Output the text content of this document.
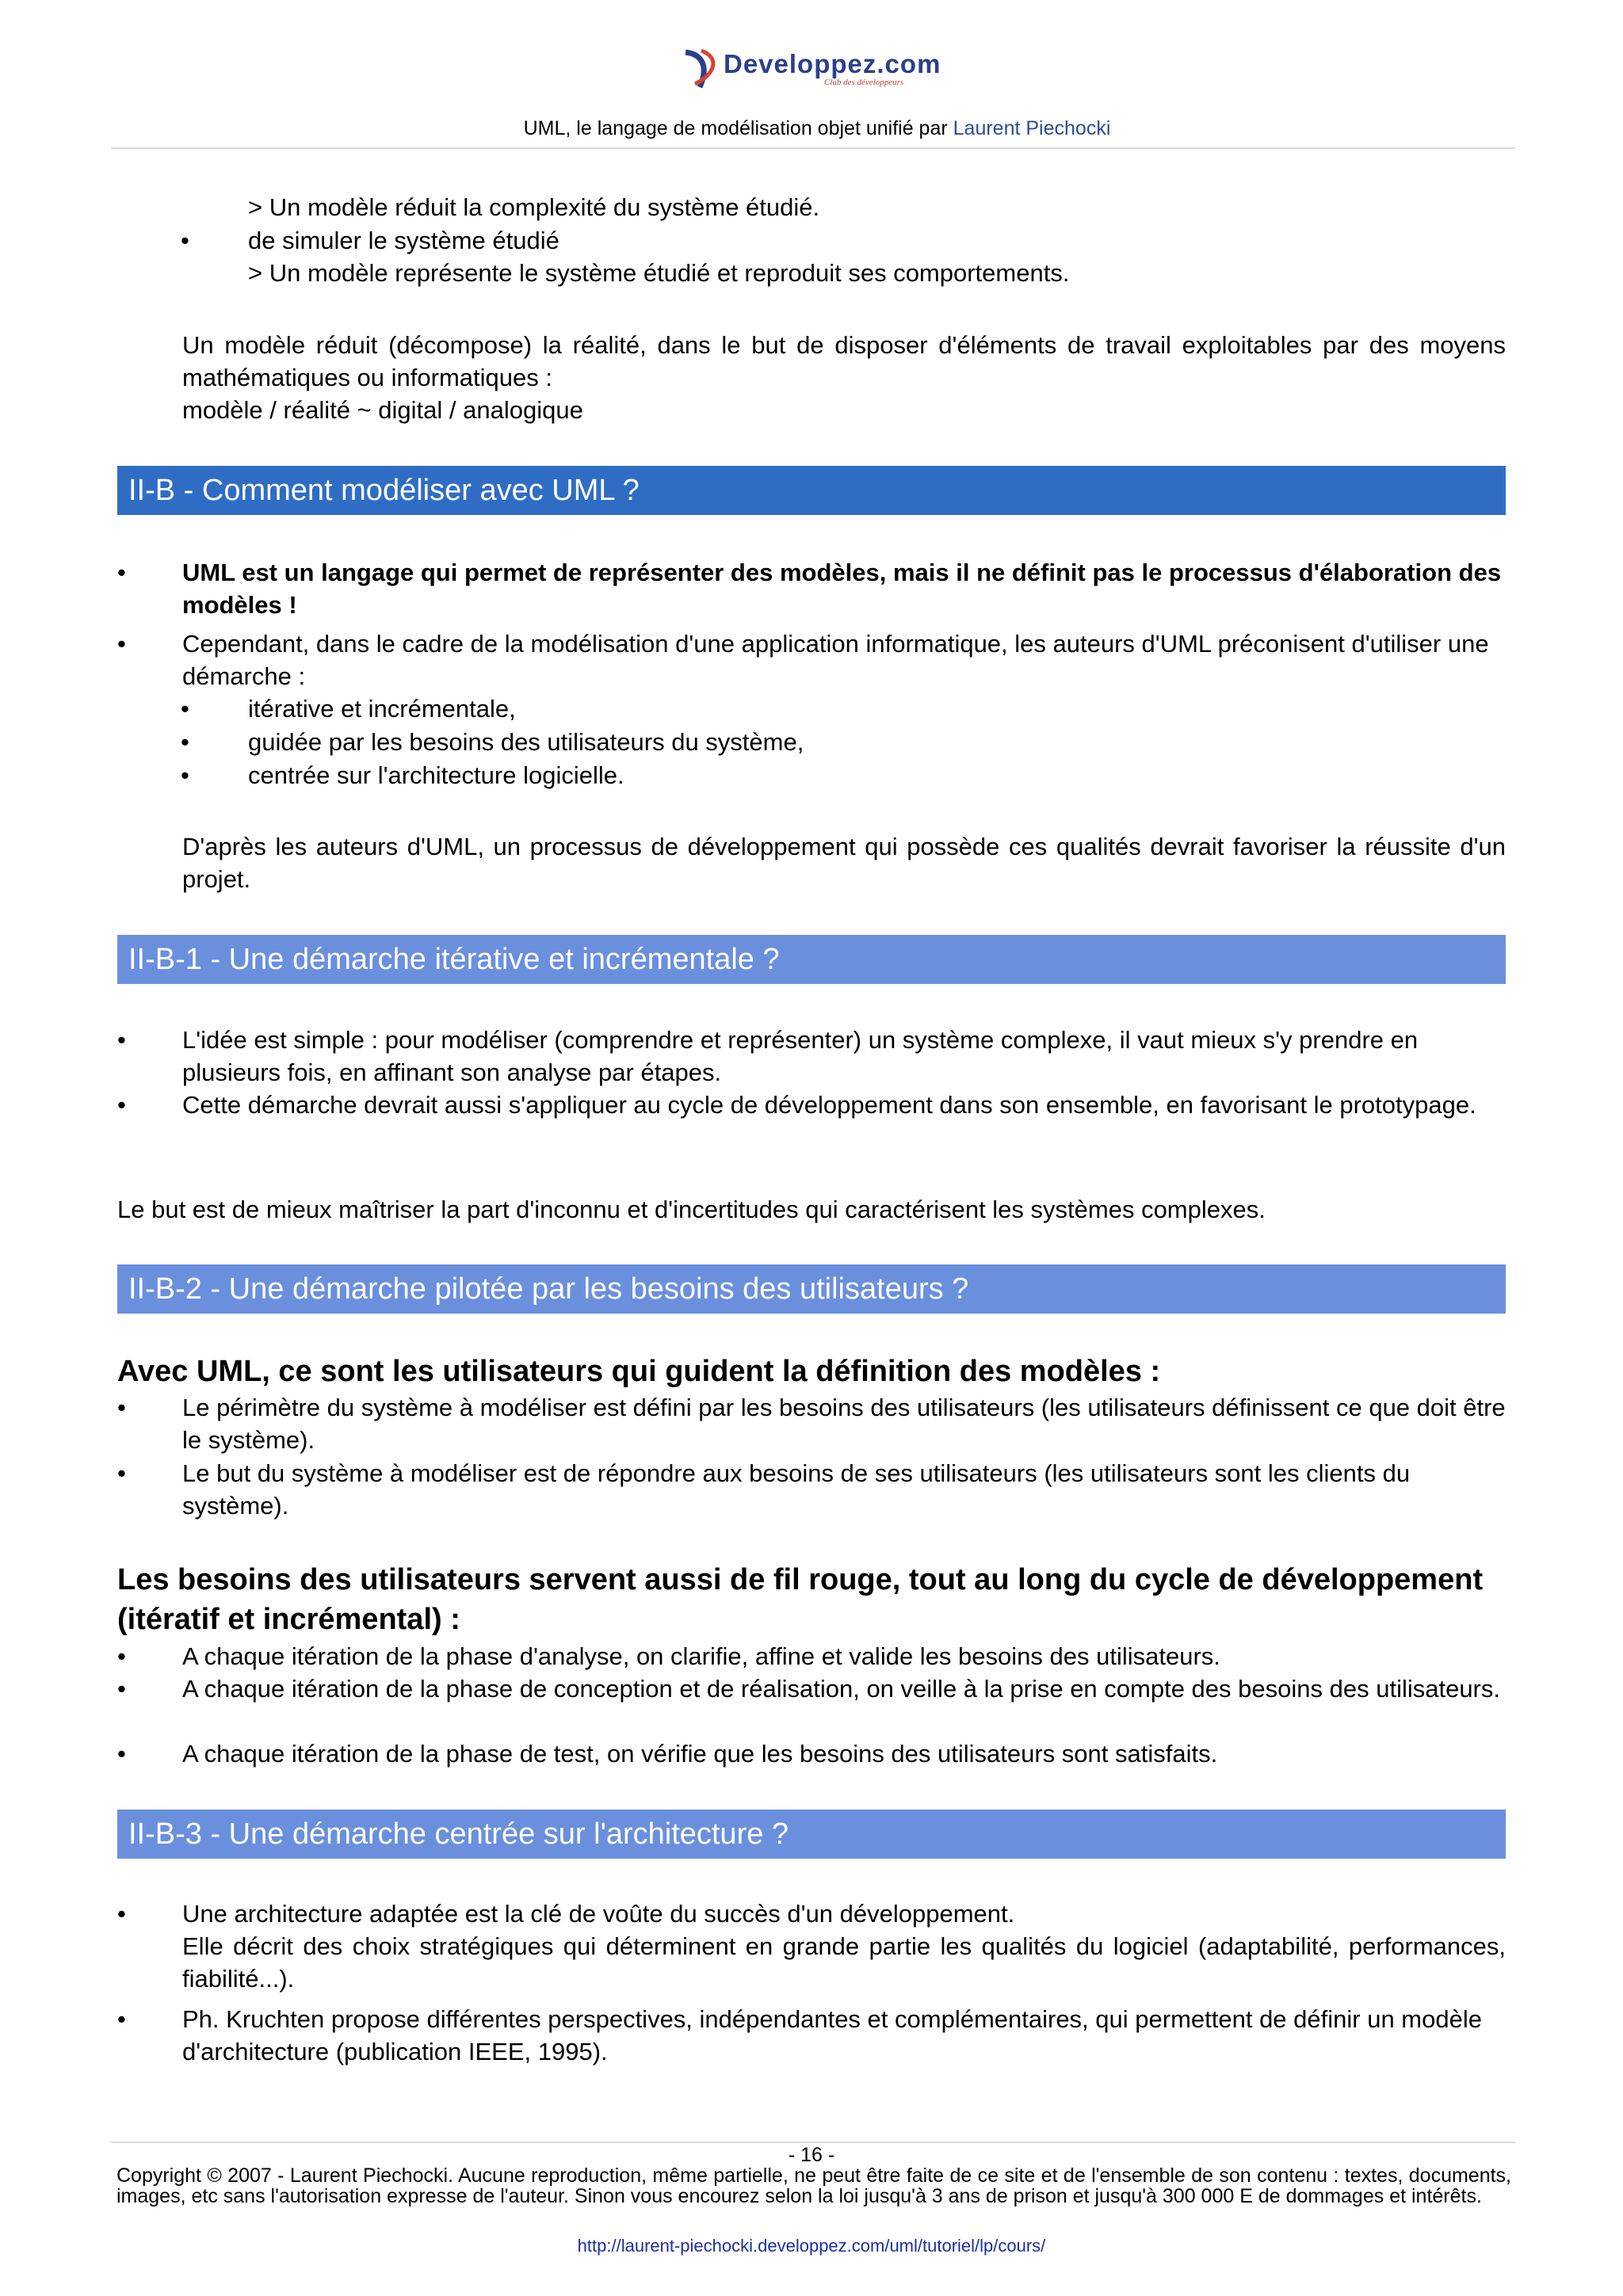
Developpez.com
Club des développeurs
UML, le langage de modélisation objet unifié par Laurent Piechocki
> Un modèle réduit la complexité du système étudié.
• de simuler le système étudié
> Un modèle représente le système étudié et reproduit ses comportements.
Un modèle réduit (décompose) la réalité, dans le but de disposer d'éléments de travail exploitables par des moyens mathématiques ou informatiques :
modèle / réalité ~ digital / analogique
II-B - Comment modéliser avec UML ?
• UML est un langage qui permet de représenter des modèles, mais il ne définit pas le processus d'élaboration des modèles !
• Cependant, dans le cadre de la modélisation d'une application informatique, les auteurs d'UML préconisent d'utiliser une démarche :
• itérative et incrémentale,
• guidée par les besoins des utilisateurs du système,
• centrée sur l'architecture logicielle.
D'après les auteurs d'UML, un processus de développement qui possède ces qualités devrait favoriser la réussite d'un projet.
II-B-1 - Une démarche itérative et incrémentale ?
• L'idée est simple : pour modéliser (comprendre et représenter) un système complexe, il vaut mieux s'y prendre en plusieurs fois, en affinant son analyse par étapes.
• Cette démarche devrait aussi s'appliquer au cycle de développement dans son ensemble, en favorisant le prototypage.
Le but est de mieux maîtriser la part d'inconnu et d'incertitudes qui caractérisent les systèmes complexes.
II-B-2 - Une démarche pilotée par les besoins des utilisateurs ?
Avec UML, ce sont les utilisateurs qui guident la définition des modèles :
• Le périmètre du système à modéliser est défini par les besoins des utilisateurs (les utilisateurs définissent ce que doit être le système).
• Le but du système à modéliser est de répondre aux besoins de ses utilisateurs (les utilisateurs sont les clients du système).
Les besoins des utilisateurs servent aussi de fil rouge, tout au long du cycle de développement (itératif et incrémental) :
• A chaque itération de la phase d'analyse, on clarifie, affine et valide les besoins des utilisateurs.
• A chaque itération de la phase de conception et de réalisation, on veille à la prise en compte des besoins des utilisateurs.
• A chaque itération de la phase de test, on vérifie que les besoins des utilisateurs sont satisfaits.
II-B-3 - Une démarche centrée sur l'architecture ?
• Une architecture adaptée est la clé de voûte du succès d'un développement.
Elle décrit des choix stratégiques qui déterminent en grande partie les qualités du logiciel (adaptabilité, performances, fiabilité...).
• Ph. Kruchten propose différentes perspectives, indépendantes et complémentaires, qui permettent de définir un modèle d'architecture (publication IEEE, 1995).
- 16 -
Copyright © 2007 - Laurent Piechocki. Aucune reproduction, même partielle, ne peut être faite de ce site et de l'ensemble de son contenu : textes, documents, images, etc sans l'autorisation expresse de l'auteur. Sinon vous encourez selon la loi jusqu'à 3 ans de prison et jusqu'à 300 000 E de dommages et intérêts.
http://laurent-piechocki.developpez.com/uml/tutoriel/lp/cours/
